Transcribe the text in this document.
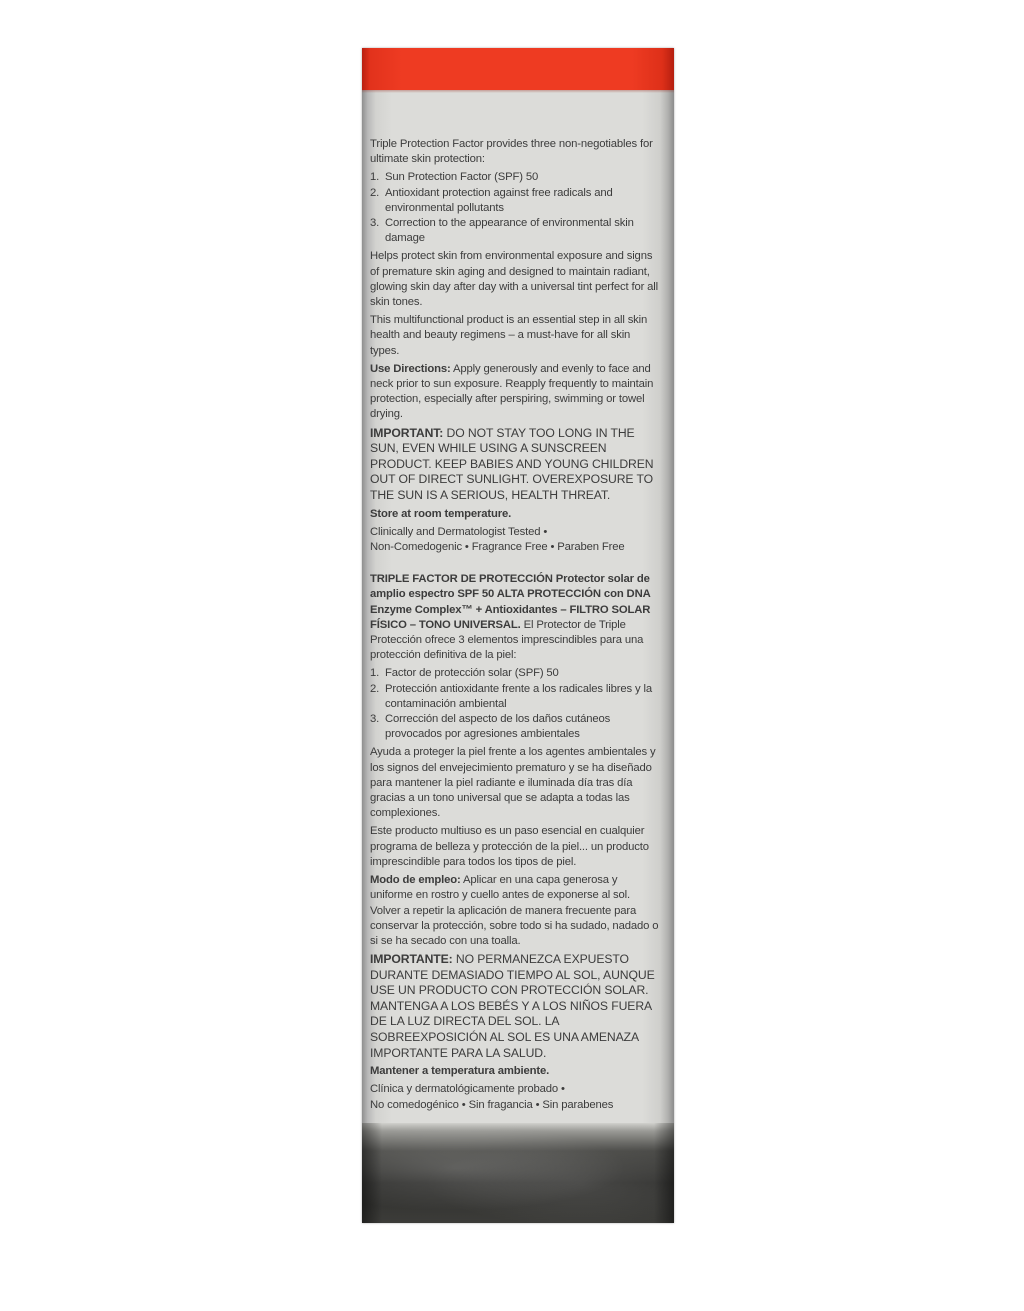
Triple Protection Factor provides three non-negotiables for ultimate skin protection:

1. Sun Protection Factor (SPF) 50
2. Antioxidant protection against free radicals and environmental pollutants
3. Correction to the appearance of environmental skin damage

Helps protect skin from environmental exposure and signs of premature skin aging and designed to maintain radiant, glowing skin day after day with a universal tint perfect for all skin tones.

This multifunctional product is an essential step in all skin health and beauty regimens – a must-have for all skin types.

Use Directions: Apply generously and evenly to face and neck prior to sun exposure. Reapply frequently to maintain protection, especially after perspiring, swimming or towel drying.

IMPORTANT: DO NOT STAY TOO LONG IN THE SUN, EVEN WHILE USING A SUNSCREEN PRODUCT. KEEP BABIES AND YOUNG CHILDREN OUT OF DIRECT SUNLIGHT. OVEREXPOSURE TO THE SUN IS A SERIOUS, HEALTH THREAT.

Store at room temperature.

Clinically and Dermatologist Tested •

Non-Comedogenic • Fragrance Free • Paraben Free

TRIPLE FACTOR DE PROTECCIÓN Protector solar de amplio espectro SPF 50 ALTA PROTECCIÓN con DNA Enzyme Complex™ + Antioxidantes – FILTRO SOLAR FÍSICO – TONO UNIVERSAL. El Protector de Triple Protección ofrece 3 elementos imprescindibles para una protección definitiva de la piel:

1. Factor de protección solar (SPF) 50
2. Protección antioxidante frente a los radicales libres y la contaminación ambiental
3. Corrección del aspecto de los daños cutáneos provocados por agresiones ambientales

Ayuda a proteger la piel frente a los agentes ambientales y los signos del envejecimiento prematuro y se ha diseñado para mantener la piel radiante e iluminada día tras día gracias a un tono universal que se adapta a todas las complexiones.

Este producto multiuso es un paso esencial en cualquier programa de belleza y protección de la piel... un producto imprescindible para todos los tipos de piel.

Modo de empleo: Aplicar en una capa generosa y uniforme en rostro y cuello antes de exponerse al sol. Volver a repetir la aplicación de manera frecuente para conservar la protección, sobre todo si ha sudado, nadado o si se ha secado con una toalla.

IMPORTANTE: NO PERMANEZCA EXPUESTO DURANTE DEMASIADO TIEMPO AL SOL, AUNQUE USE UN PRODUCTO CON PROTECCIÓN SOLAR. MANTENGA A LOS BEBÉS Y A LOS NIÑOS FUERA DE LA LUZ DIRECTA DEL SOL. LA SOBREEXPOSICIÓN AL SOL ES UNA AMENAZA IMPORTANTE PARA LA SALUD.

Mantener a temperatura ambiente.

Clínica y dermatológicamente probado •

No comedogénico • Sin fragancia • Sin parabenes
